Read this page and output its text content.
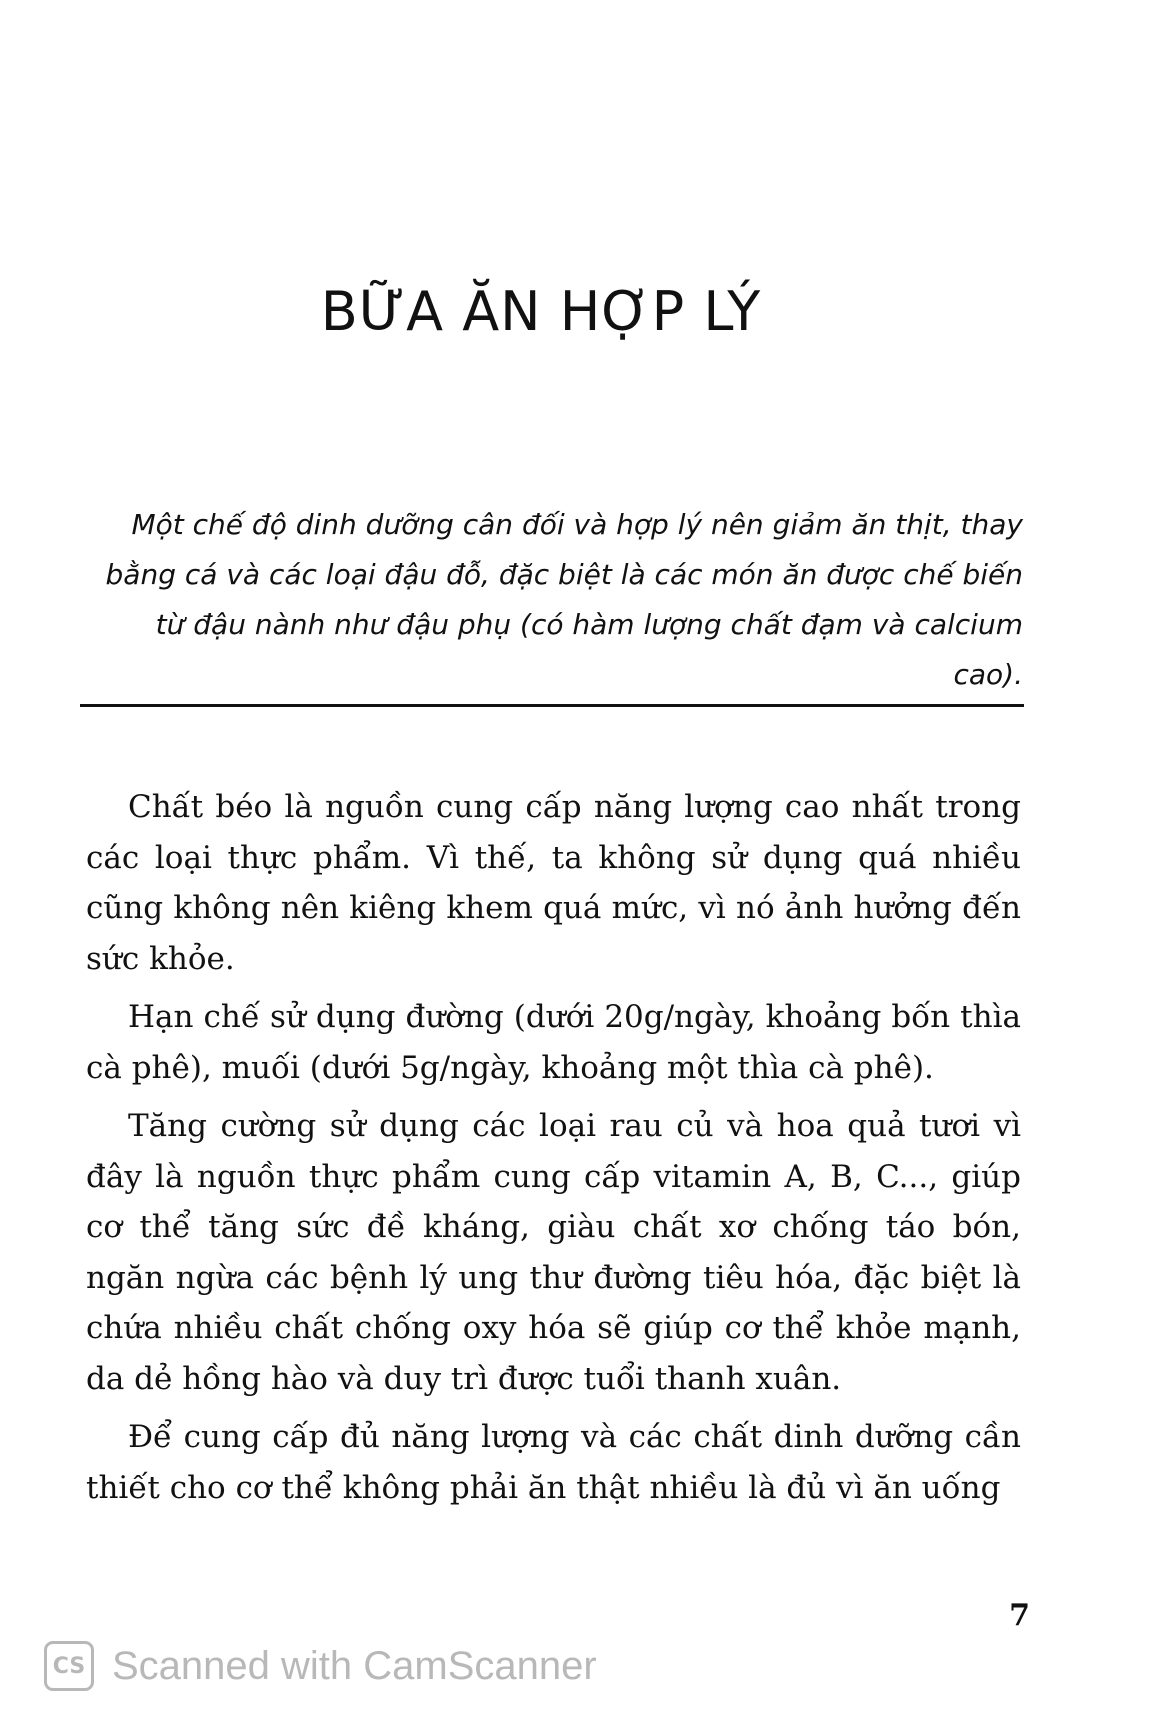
BỮA ĂN HỢP LÝ

Một chế độ dinh dưỡng cân đối và hợp lý nên giảm ăn thịt, thay bằng cá và các loại đậu đỗ, đặc biệt là các món ăn được chế biến từ đậu nành như đậu phụ (có hàm lượng chất đạm và calcium cao).

Chất béo là nguồn cung cấp năng lượng cao nhất trong các loại thực phẩm. Vì thế, ta không sử dụng quá nhiều cũng không nên kiêng khem quá mức, vì nó ảnh hưởng đến sức khỏe.

Hạn chế sử dụng đường (dưới 20g/ngày, khoảng bốn thìa cà phê), muối (dưới 5g/ngày, khoảng một thìa cà phê).

Tăng cường sử dụng các loại rau củ và hoa quả tươi vì đây là nguồn thực phẩm cung cấp vitamin A, B, C..., giúp cơ thể tăng sức đề kháng, giàu chất xơ chống táo bón, ngăn ngừa các bệnh lý ung thư đường tiêu hóa, đặc biệt là chứa nhiều chất chống oxy hóa sẽ giúp cơ thể khỏe mạnh, da dẻ hồng hào và duy trì được tuổi thanh xuân.

Để cung cấp đủ năng lượng và các chất dinh dưỡng cần thiết cho cơ thể không phải ăn thật nhiều là đủ vì ăn uống

7
CS Scanned with CamScanner
